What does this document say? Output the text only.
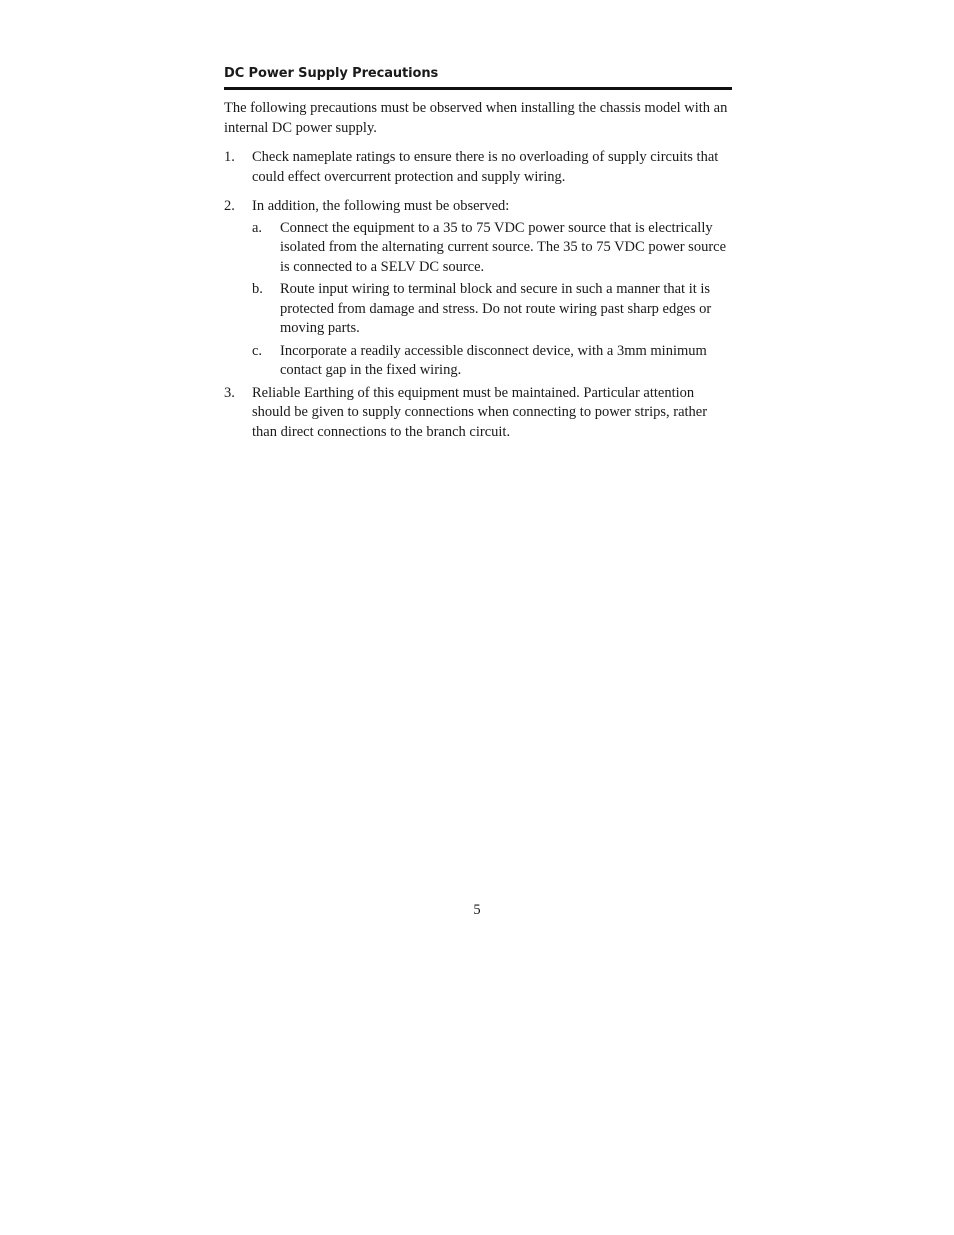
DC Power Supply Precautions

The following precautions must be observed when installing the chassis model with an internal DC power supply.

1. Check nameplate ratings to ensure there is no overloading of supply circuits that could effect overcurrent protection and supply wiring.
2. In addition, the following must be observed:
a. Connect the equipment to a 35 to 75 VDC power source that is electrically isolated from the alternating current source. The 35 to 75 VDC power source is connected to a SELV DC source.
b. Route input wiring to terminal block and secure in such a manner that it is protected from damage and stress. Do not route wiring past sharp edges or moving parts.
c. Incorporate a readily accessible disconnect device, with a 3mm minimum contact gap in the fixed wiring.
3. Reliable Earthing of this equipment must be maintained. Particular attention should be given to supply connections when connecting to power strips, rather than direct connections to the branch circuit.
5
